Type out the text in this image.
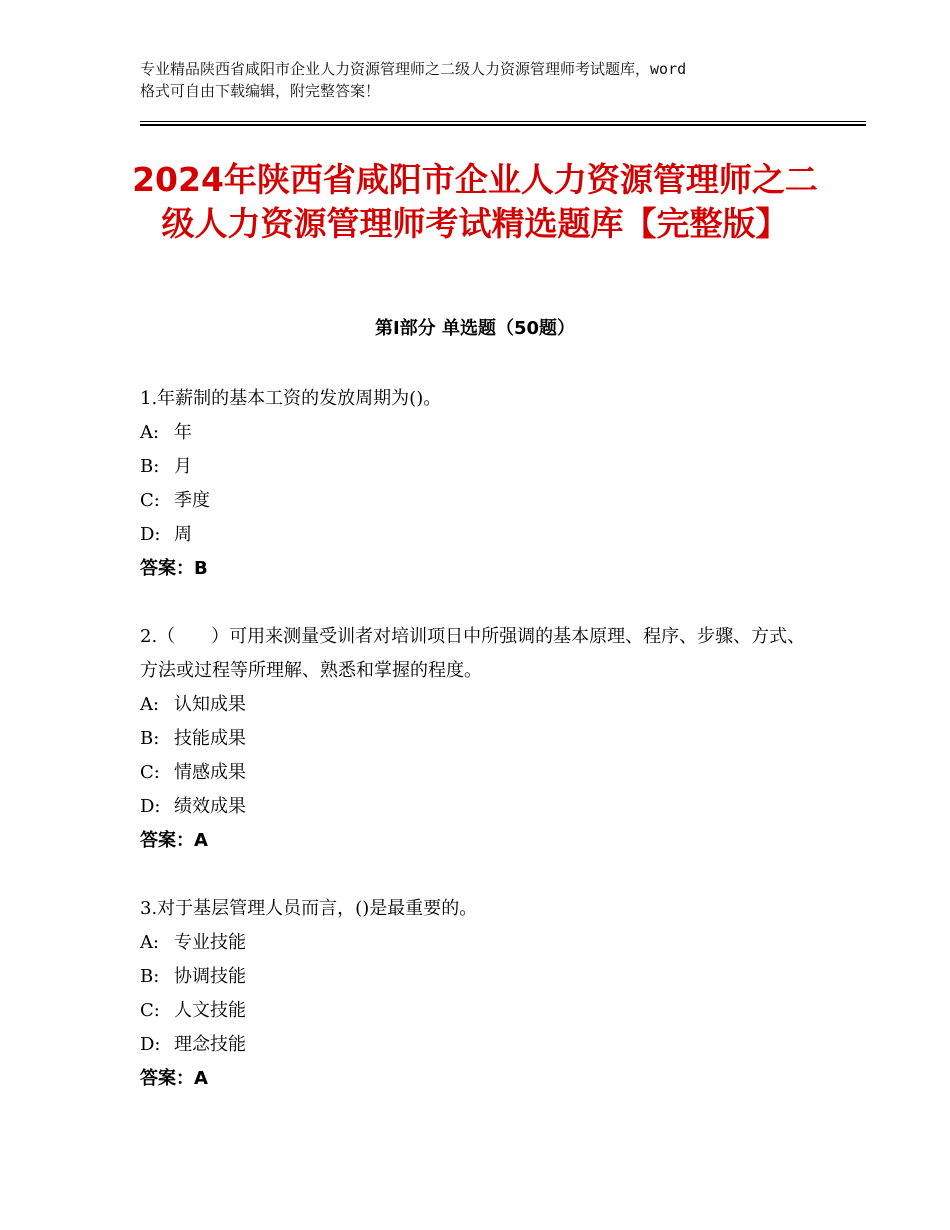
专业精品陕西省咸阳市企业人力资源管理师之二级人力资源管理师考试题库，word
格式可自由下载编辑，附完整答案！
2024年陕西省咸阳市企业人力资源管理师之二级人力资源管理师考试精选题库【完整版】
第Ⅰ部分 单选题（50题）
1.年薪制的基本工资的发放周期为()。
A: 年
B: 月
C: 季度
D: 周
答案：B
2.（　　）可用来测量受训者对培训项日中所强调的基本原理、程序、步骤、方式、方法或过程等所理解、熟悉和掌握的程度。
A: 认知成果
B: 技能成果
C: 情感成果
D: 绩效成果
答案：A
3.对于基层管理人员而言，()是最重要的。
A: 专业技能
B: 协调技能
C: 人文技能
D: 理念技能
答案：A
